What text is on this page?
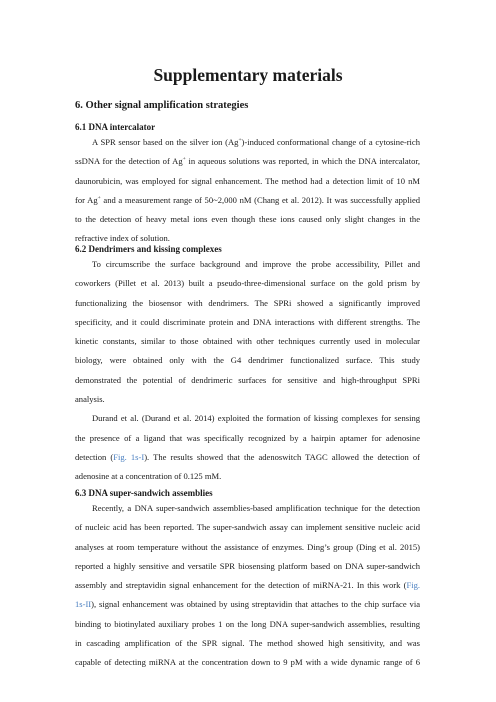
Supplementary materials
6. Other signal amplification strategies
6.1 DNA intercalator
A SPR sensor based on the silver ion (Ag+)-induced conformational change of a cytosine-rich
ssDNA for the detection of Ag+ in aqueous solutions was reported, in which the DNA intercalator,
daunorubicin, was employed for signal enhancement. The method had a detection limit of 10 nM
for Ag+ and a measurement range of 50~2,000 nM (Chang et al. 2012). It was successfully applied
to the detection of heavy metal ions even though these ions caused only slight changes in the
refractive index of solution.
6.2 Dendrimers and kissing complexes
To circumscribe the surface background and improve the probe accessibility, Pillet and
coworkers (Pillet et al. 2013) built a pseudo-three-dimensional surface on the gold prism by
functionalizing the biosensor with dendrimers. The SPRi showed a significantly improved
specificity, and it could discriminate protein and DNA interactions with different strengths. The
kinetic constants, similar to those obtained with other techniques currently used in molecular
biology, were obtained only with the G4 dendrimer functionalized surface. This study
demonstrated the potential of dendrimeric surfaces for sensitive and high-throughput SPRi
analysis.
Durand et al. (Durand et al. 2014) exploited the formation of kissing complexes for sensing
the presence of a ligand that was specifically recognized by a hairpin aptamer for adenosine
detection (Fig. 1s-I). The results showed that the adenoswitch TAGC allowed the detection of
adenosine at a concentration of 0.125 mM.
6.3 DNA super-sandwich assemblies
Recently, a DNA super-sandwich assemblies-based amplification technique for the detection
of nucleic acid has been reported. The super-sandwich assay can implement sensitive nucleic acid
analyses at room temperature without the assistance of enzymes. Ding’s group (Ding et al. 2015)
reported a highly sensitive and versatile SPR biosensing platform based on DNA super-sandwich
assembly and streptavidin signal enhancement for the detection of miRNA-21. In this work (Fig.
1s-II), signal enhancement was obtained by using streptavidin that attaches to the chip surface via
binding to biotinylated auxiliary probes 1 on the long DNA super-sandwich assemblies, resulting
in cascading amplification of the SPR signal. The method showed high sensitivity, and was
capable of detecting miRNA at the concentration down to 9 pM with a wide dynamic range of 6
